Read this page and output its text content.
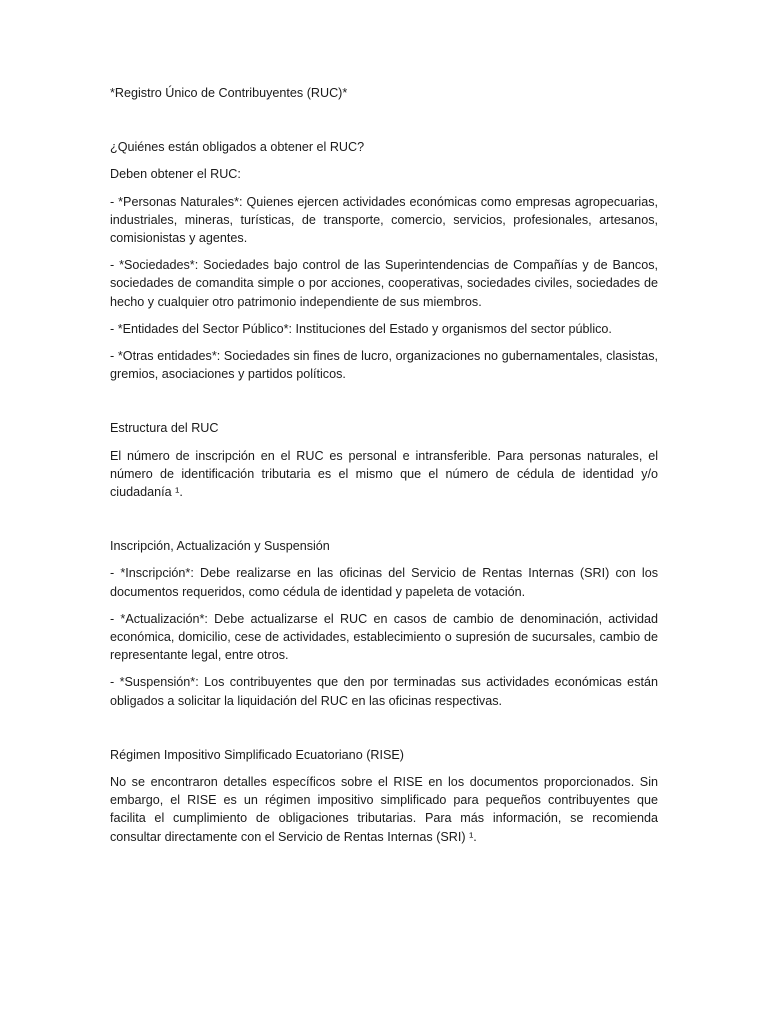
*Registro Único de Contribuyentes (RUC)*

¿Quiénes están obligados a obtener el RUC?

Deben obtener el RUC:

- *Personas Naturales*: Quienes ejercen actividades económicas como empresas agropecuarias, industriales, mineras, turísticas, de transporte, comercio, servicios, profesionales, artesanos, comisionistas y agentes.

- *Sociedades*: Sociedades bajo control de las Superintendencias de Compañías y de Bancos, sociedades de comandita simple o por acciones, cooperativas, sociedades civiles, sociedades de hecho y cualquier otro patrimonio independiente de sus miembros.

- *Entidades del Sector Público*: Instituciones del Estado y organismos del sector público.

- *Otras entidades*: Sociedades sin fines de lucro, organizaciones no gubernamentales, clasistas, gremios, asociaciones y partidos políticos.

Estructura del RUC

El número de inscripción en el RUC es personal e intransferible. Para personas naturales, el número de identificación tributaria es el mismo que el número de cédula de identidad y/o ciudadanía ¹.

Inscripción, Actualización y Suspensión

- *Inscripción*: Debe realizarse en las oficinas del Servicio de Rentas Internas (SRI) con los documentos requeridos, como cédula de identidad y papeleta de votación.

- *Actualización*: Debe actualizarse el RUC en casos de cambio de denominación, actividad económica, domicilio, cese de actividades, establecimiento o supresión de sucursales, cambio de representante legal, entre otros.

- *Suspensión*: Los contribuyentes que den por terminadas sus actividades económicas están obligados a solicitar la liquidación del RUC en las oficinas respectivas.

Régimen Impositivo Simplificado Ecuatoriano (RISE)

No se encontraron detalles específicos sobre el RISE en los documentos proporcionados. Sin embargo, el RISE es un régimen impositivo simplificado para pequeños contribuyentes que facilita el cumplimiento de obligaciones tributarias. Para más información, se recomienda consultar directamente con el Servicio de Rentas Internas (SRI) ¹.
